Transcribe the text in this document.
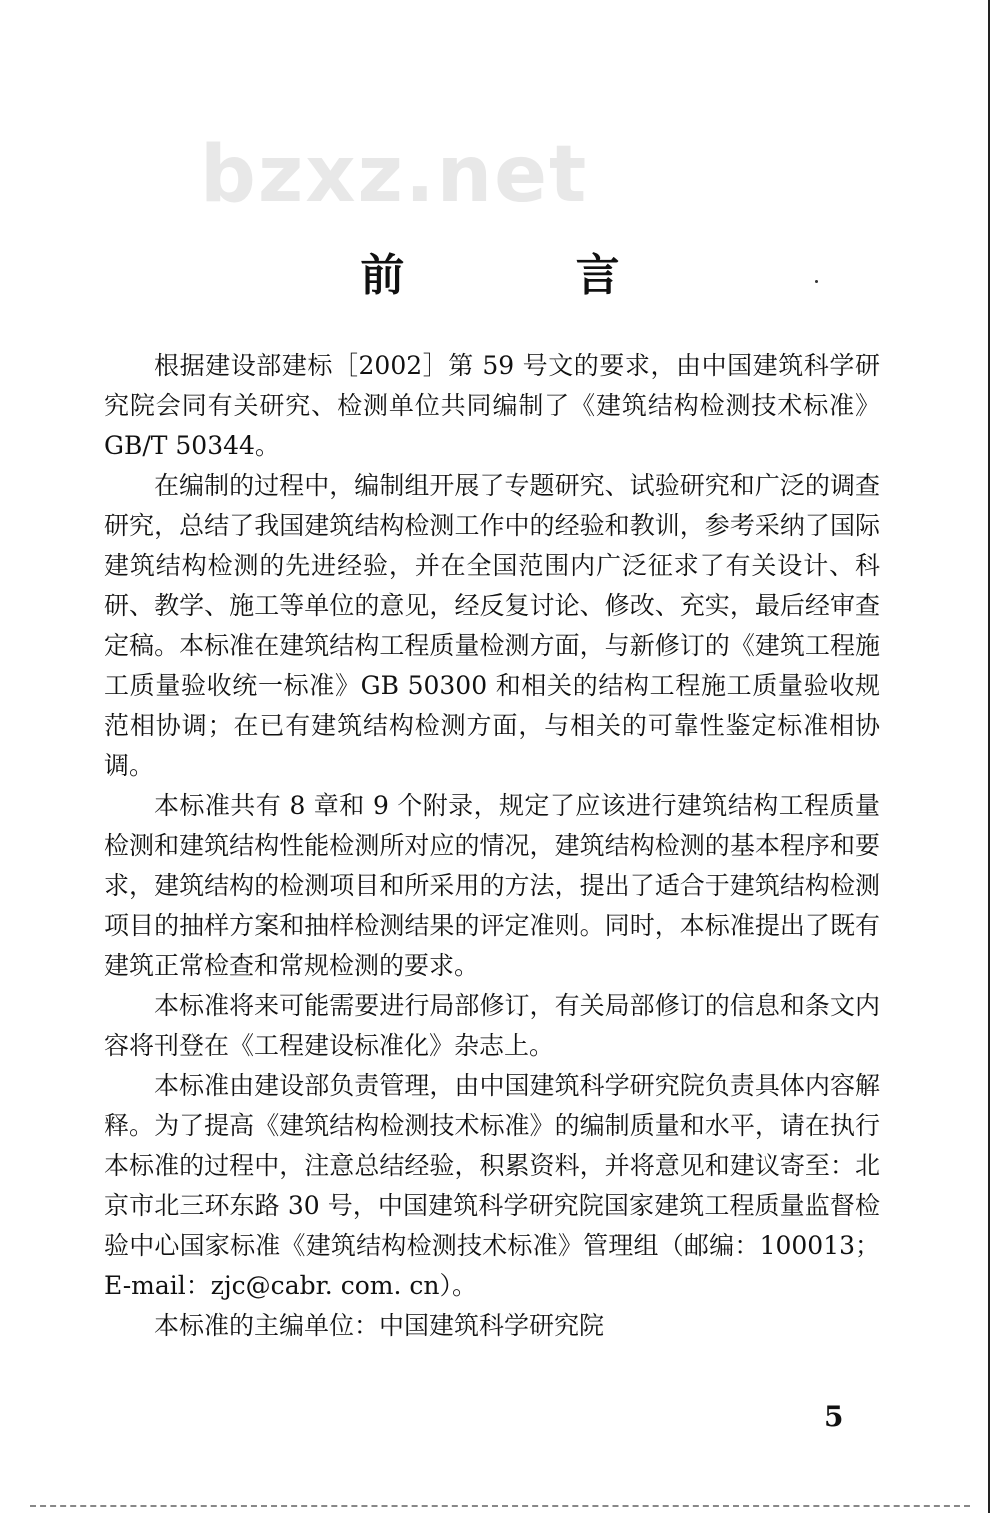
bzxz.net
前 言

根据建设部建标［2002］第 59 号文的要求，由中国建筑科学研究院会同有关研究、检测单位共同编制了《建筑结构检测技术标准》GB/T 50344。

在编制的过程中，编制组开展了专题研究、试验研究和广泛的调查研究，总结了我国建筑结构检测工作中的经验和教训，参考采纳了国际建筑结构检测的先进经验，并在全国范围内广泛征求了有关设计、科研、教学、施工等单位的意见，经反复讨论、修改、充实，最后经审查定稿。本标准在建筑结构工程质量检测方面，与新修订的《建筑工程施工质量验收统一标准》GB 50300 和相关的结构工程施工质量验收规范相协调；在已有建筑结构检测方面，与相关的可靠性鉴定标准相协调。

本标准共有 8 章和 9 个附录，规定了应该进行建筑结构工程质量检测和建筑结构性能检测所对应的情况，建筑结构检测的基本程序和要求，建筑结构的检测项目和所采用的方法，提出了适合于建筑结构检测项目的抽样方案和抽样检测结果的评定准则。同时，本标准提出了既有建筑正常检查和常规检测的要求。

本标准将来可能需要进行局部修订，有关局部修订的信息和条文内容将刊登在《工程建设标准化》杂志上。

本标准由建设部负责管理，由中国建筑科学研究院负责具体内容解释。为了提高《建筑结构检测技术标准》的编制质量和水平，请在执行本标准的过程中，注意总结经验，积累资料，并将意见和建议寄至：北京市北三环东路 30 号，中国建筑科学研究院国家建筑工程质量监督检验中心国家标准《建筑结构检测技术标准》管理组（邮编：100013；E-mail：zjc@cabr. com. cn）。

本标准的主编单位：中国建筑科学研究院

5
